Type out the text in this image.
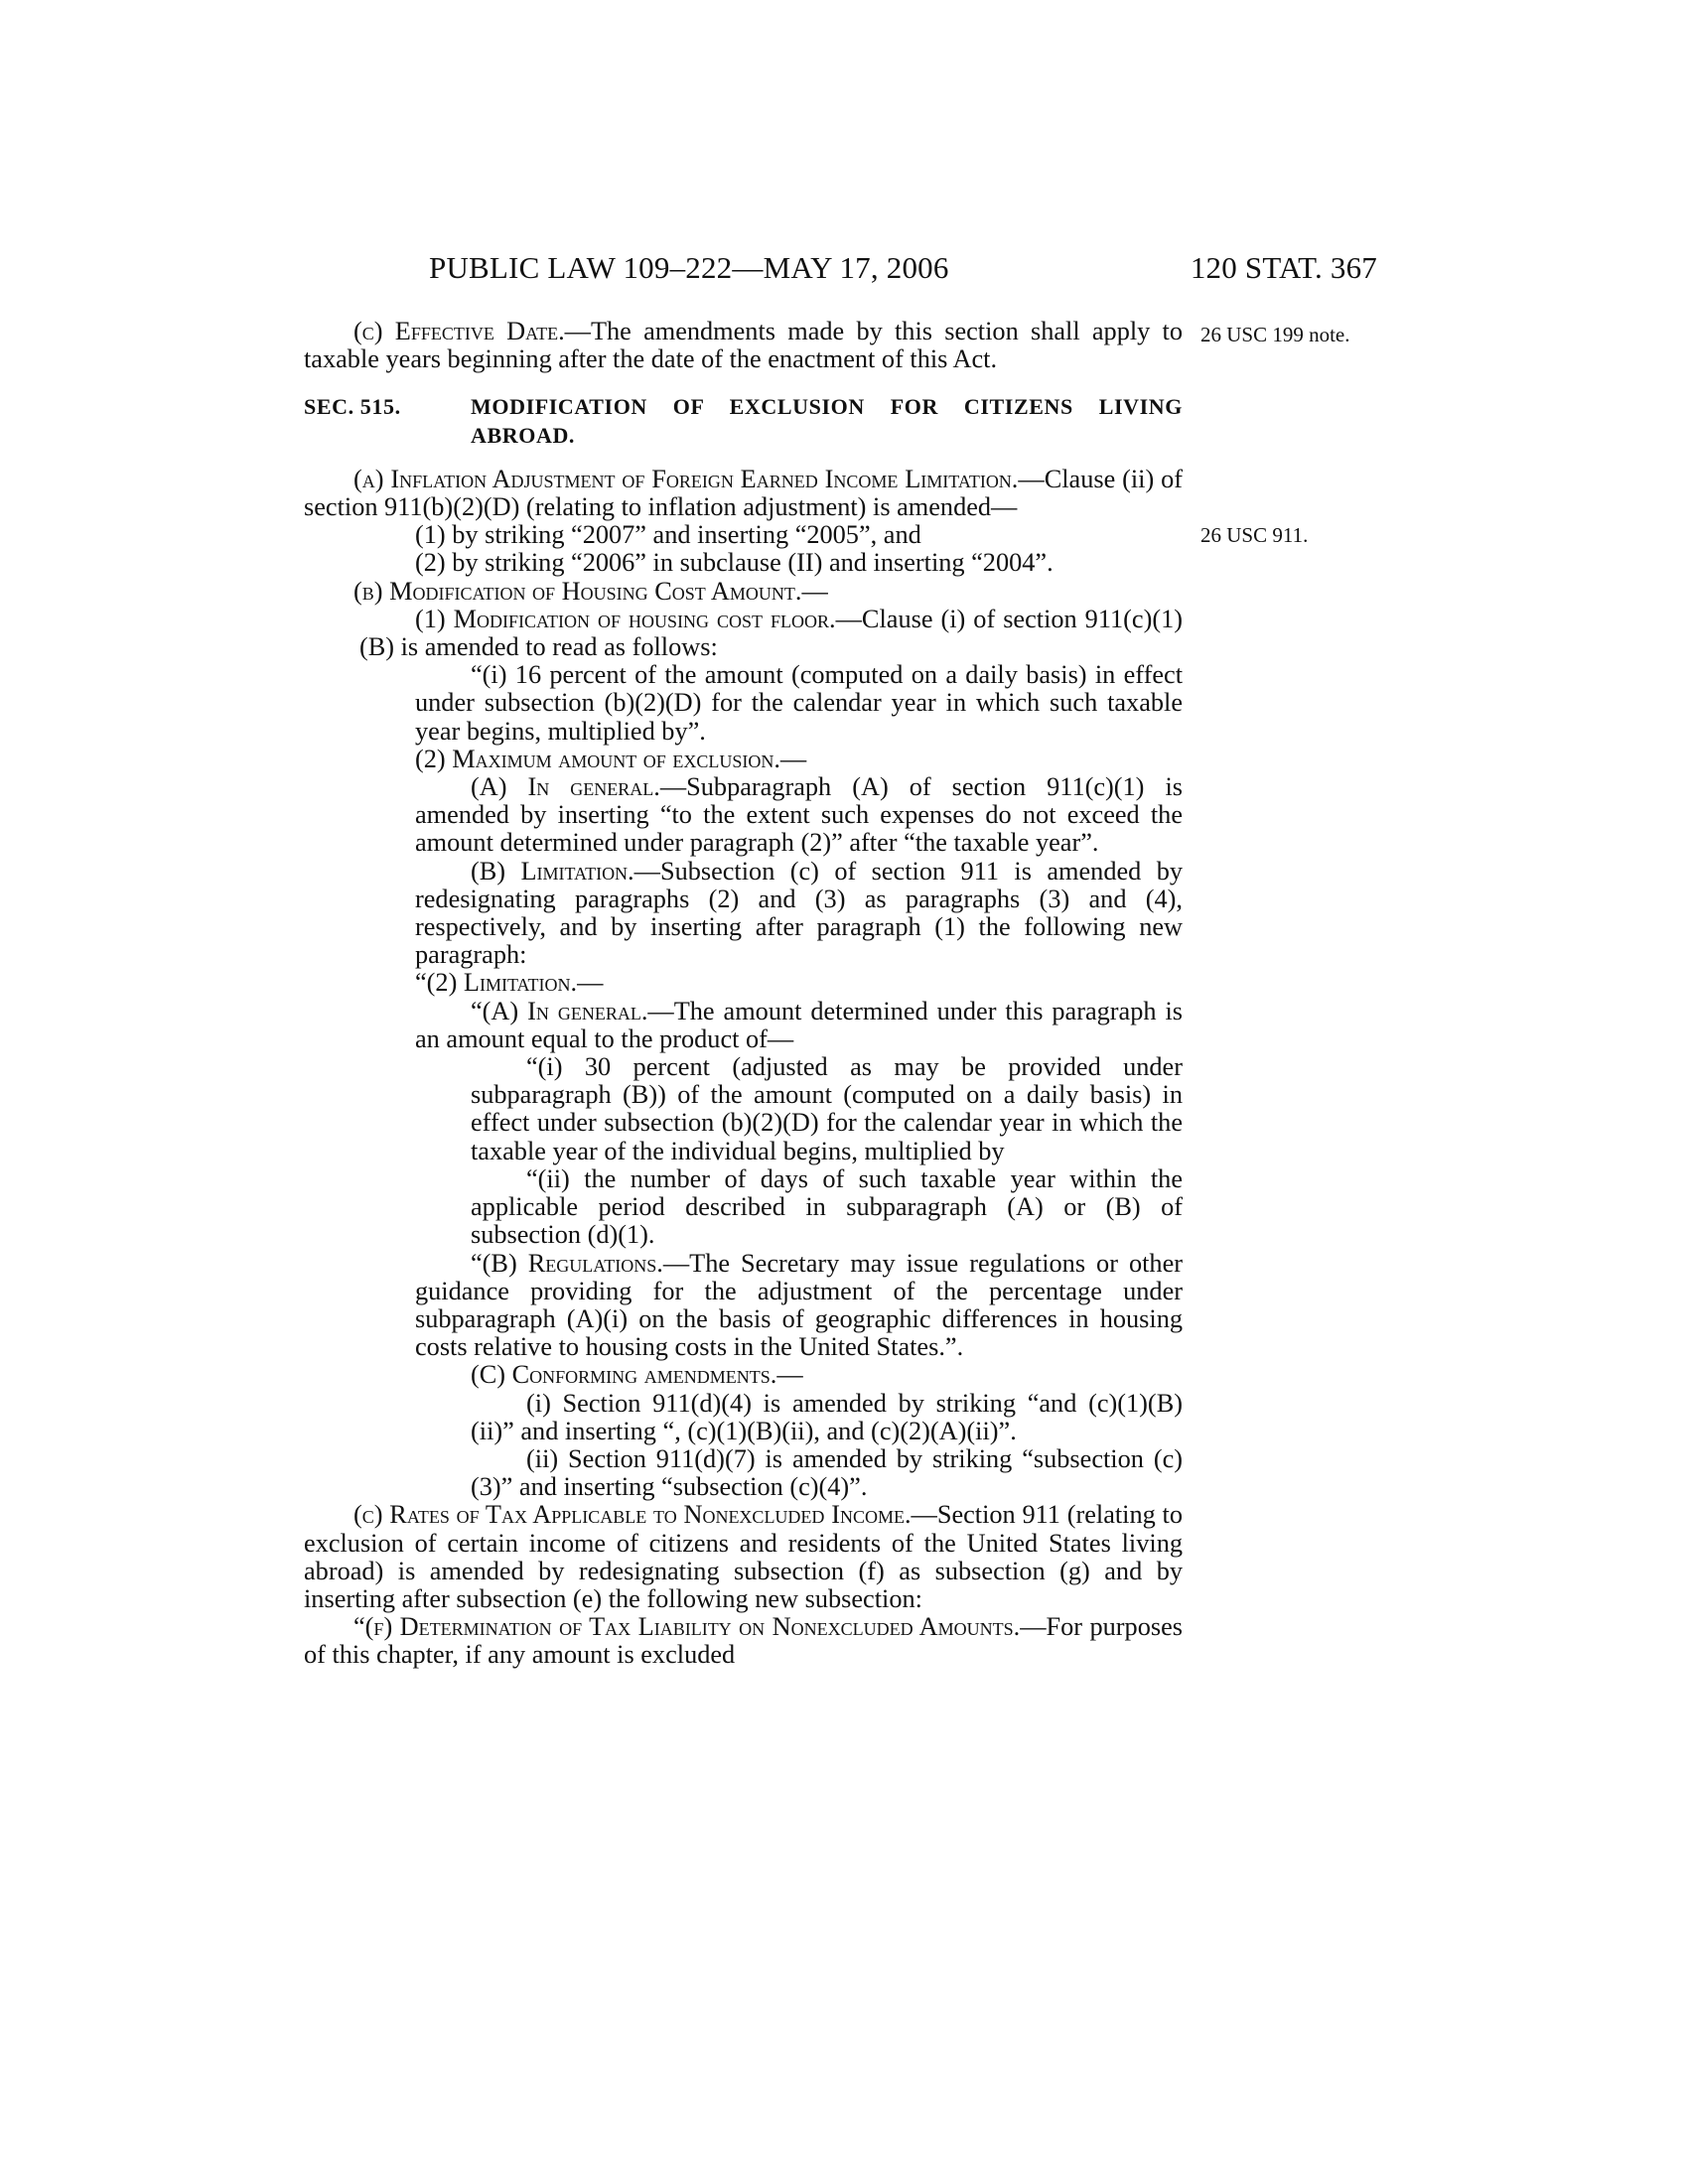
PUBLIC LAW 109–222—MAY 17, 2006	120 STAT. 367
26 USC 199 note.
26 USC 911.

(c) Effective Date.—The amendments made by this section shall apply to taxable years beginning after the date of the enactment of this Act.

SEC. 515.	MODIFICATION OF EXCLUSION FOR CITIZENS LIVING ABROAD.

(a) Inflation Adjustment of Foreign Earned Income Limitation.—Clause (ii) of section 911(b)(2)(D) (relating to inflation adjustment) is amended—

(1) by striking “2007” and inserting “2005”, and

(2) by striking “2006” in subclause (II) and inserting “2004”.

(b) Modification of Housing Cost Amount.—

(1) Modification of housing cost floor.—Clause (i) of section 911(c)(1)(B) is amended to read as follows:

“(i) 16 percent of the amount (computed on a daily basis) in effect under subsection (b)(2)(D) for the calendar year in which such taxable year begins, multiplied by”.

(2) Maximum amount of exclusion.—

(A) In general.—Subparagraph (A) of section 911(c)(1) is amended by inserting “to the extent such expenses do not exceed the amount determined under paragraph (2)” after “the taxable year”.

(B) Limitation.—Subsection (c) of section 911 is amended by redesignating paragraphs (2) and (3) as paragraphs (3) and (4), respectively, and by inserting after paragraph (1) the following new paragraph:

“(2) Limitation.—

“(A) In general.—The amount determined under this paragraph is an amount equal to the product of—

“(i) 30 percent (adjusted as may be provided under subparagraph (B)) of the amount (computed on a daily basis) in effect under subsection (b)(2)(D) for the calendar year in which the taxable year of the individual begins, multiplied by

“(ii) the number of days of such taxable year within the applicable period described in subparagraph (A) or (B) of subsection (d)(1).

“(B) Regulations.—The Secretary may issue regulations or other guidance providing for the adjustment of the percentage under subparagraph (A)(i) on the basis of geographic differences in housing costs relative to housing costs in the United States.”.

(C) Conforming amendments.—

(i) Section 911(d)(4) is amended by striking “and (c)(1)(B)(ii)” and inserting “, (c)(1)(B)(ii), and (c)(2)(A)(ii)”.

(ii) Section 911(d)(7) is amended by striking “subsection (c)(3)” and inserting “subsection (c)(4)”.

(c) Rates of Tax Applicable to Nonexcluded Income.—Section 911 (relating to exclusion of certain income of citizens and residents of the United States living abroad) is amended by redesignating subsection (f) as subsection (g) and by inserting after subsection (e) the following new subsection:

“(f) Determination of Tax Liability on Nonexcluded Amounts.—For purposes of this chapter, if any amount is excluded
